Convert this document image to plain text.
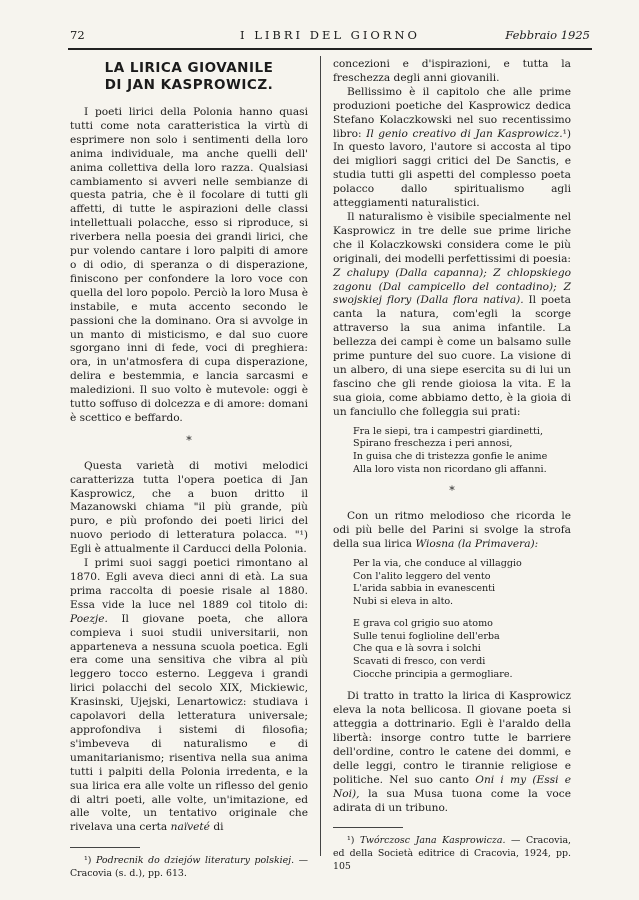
72	I LIBRI DEL GIORNO	Febbraio 1925
LA LIRICA GIOVANILE
DI JAN KASPROWICZ.

I poeti lirici della Polonia hanno quasi tutti come nota caratteristica la virtù di esprimere non solo i sentimenti della loro anima individuale, ma anche quelli dell' anima collettiva della loro razza. Qualsiasi cambiamento si avveri nelle sembianze di questa patria, che è il focolare di tutti gli affetti, di tutte le aspirazioni delle classi intellettuali polacche, esso si riproduce, si riverbera nella poesia dei grandi lirici, che pur volendo cantare i loro palpiti di amore o di odio, di speranza o di disperazione, finiscono per confondere la loro voce con quella del loro popolo. Perciò la loro Musa è instabile, e muta accento secondo le passioni che la dominano. Ora si avvolge in un manto di misticismo, e dal suo cuore sgorgano inni di fede, voci di preghiera: ora, in un'atmosfera di cupa disperazione, delira e bestemmia, e lancia sarcasmi e maledizioni. Il suo volto è mutevole: oggi è tutto soffuso di dolcezza e di amore: domani è scettico e beffardo.

*

Questa varietà di motivi melodici caratterizza tutta l'opera poetica di Jan Kasprowicz, che a buon dritto il Mazanowski chiama "il più grande, più puro, e più profondo dei poeti lirici del nuovo periodo di letteratura polacca. "¹) Egli è attualmente il Carducci della Polonia.

I primi suoi saggi poetici rimontano al 1870. Egli aveva dieci anni di età. La sua prima raccolta di poesie risale al 1880. Essa vide la luce nel 1889 col titolo di: Poezje. Il giovane poeta, che allora compieva i suoi studii universitarii, non apparteneva a nessuna scuola poetica. Egli era come una sensitiva che vibra al più leggero tocco esterno. Leggeva i grandi lirici polacchi del secolo XIX, Mickiewic, Krasinski, Ujejski, Lenartowicz: studiava i capolavori della letteratura universale; approfondiva i sistemi di filosofia; s'imbeveva di naturalismo e di umanitarianismo; risentiva nella sua anima tutti i palpiti della Polonia irredenta, e la sua lirica era alle volte un riflesso del genio di altri poeti, alle volte, un'imitazione, ed alle volte, un tentativo originale che rivelava una certa naïveté di

¹) Podrecnik do dziejów literatury polskiej. — Cracovia (s. d.), pp. 613.

concezioni e d'ispirazioni, e tutta la freschezza degli anni giovanili.

Bellissimo è il capitolo che alle prime produzioni poetiche del Kasprowicz dedica Stefano Kolaczkowski nel suo recentissimo libro: Il genio creativo di Jan Kasprowicz.¹) In questo lavoro, l'autore si accosta al tipo dei migliori saggi critici del De Sanctis, e studia tutti gli aspetti del complesso poeta polacco dallo spiritualismo agli atteggiamenti naturalistici.

Il naturalismo è visibile specialmente nel Kasprowicz in tre delle sue prime liriche che il Kolaczkowski considera come le più originali, dei modelli perfettissimi di poesia: Z chalupy (Dalla capanna); Z chlopskiego zagonu (Dal campicello del contadino); Z swojskiej flory (Dalla flora nativa). Il poeta canta la natura, com'egli la scorge attraverso la sua anima infantile. La bellezza dei campi è come un balsamo sulle prime punture del suo cuore. La visione di un albero, di una siepe esercita su di lui un fascino che gli rende gioiosa la vita. E la sua gioia, come abbiamo detto, è la gioia di un fanciullo che folleggia sui prati:

Fra le siepi, tra i campestri giardinetti,
Spirano freschezza i peri annosi,
In guisa che di tristezza gonfie le anime
Alla loro vista non ricordano gli affanni.
*

Con un ritmo melodioso che ricorda le odi più belle del Parini si svolge la strofa della sua lirica Wiosna (la Primavera):

Per la via, che conduce al villaggio
Con l'alito leggero del vento
L'arida sabbia in evanescenti
Nubi si eleva in alto.
E grava col grigio suo atomo
Sulle tenui foglioline dell'erba
Che qua e là sovra i solchi
Scavati di fresco, con verdi
Ciocche principia a germogliare.

Di tratto in tratto la lirica di Kasprowicz eleva la nota bellicosa. Il giovane poeta si atteggia a dottrinario. Egli è l'araldo della libertà: insorge contro tutte le barriere dell'ordine, contro le catene dei dommi, e delle leggi, contro le tirannie religiose e politiche. Nel suo canto Oni i my (Essi e Noi), la sua Musa tuona come la voce adirata di un tribuno.

¹) Twórczosc Jana Kasprowicza. — Cracovia, ed della Società editrice di Cracovia, 1924, pp. 105
